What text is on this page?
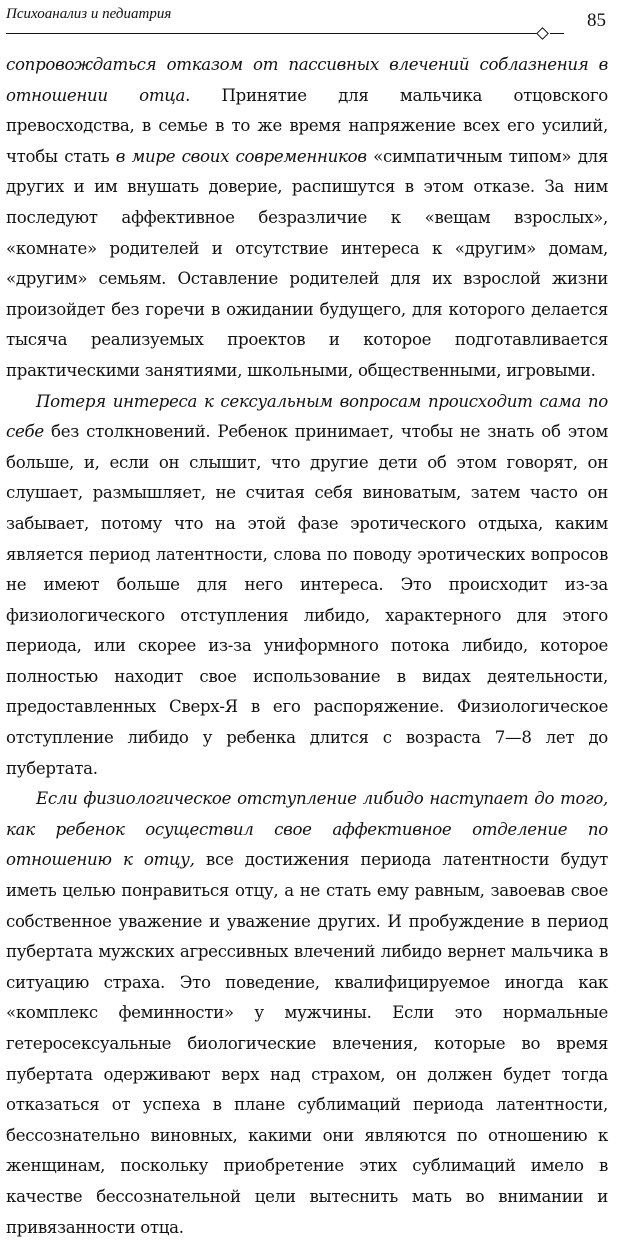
Психоанализ и педиатрия	85

сопровождаться отказом от пассивных влечений соблазнения в отношении отца. Принятие для мальчика отцовского превосходства, в семье в то же время напряжение всех его усилий, чтобы стать в мире своих современников «симпатичным типом» для других и им внушать доверие, распишутся в этом отказе. За ним последуют аффективное безразличие к «вещам взрослых», «комнате» родителей и отсутствие интереса к «другим» домам, «другим» семьям. Оставление родителей для их взрослой жизни произойдет без горечи в ожидании будущего, для которого делается тысяча реализуемых проектов и которое подготавливается практическими занятиями, школьными, общественными, игровыми.

Потеря интереса к сексуальным вопросам происходит сама по себе без столкновений. Ребенок принимает, чтобы не знать об этом больше, и, если он слышит, что другие дети об этом говорят, он слушает, размышляет, не считая себя виноватым, затем часто он забывает, потому что на этой фазе эротического отдыха, каким является период латентности, слова по поводу эротических вопросов не имеют больше для него интереса. Это происходит из-за физиологического отступления либидо, характерного для этого периода, или скорее из-за униформного потока либидо, которое полностью находит свое использование в видах деятельности, предоставленных Сверх-Я в его распоряжение. Физиологическое отступление либидо у ребенка длится с возраста 7—8 лет до пубертата.

Если физиологическое отступление либидо наступает до того, как ребенок осуществил свое аффективное отделение по отношению к отцу, все достижения периода латентности будут иметь целью понравиться отцу, а не стать ему равным, завоевав свое собственное уважение и уважение других. И пробуждение в период пубертата мужских агрессивных влечений либидо вернет мальчика в ситуацию страха. Это поведение, квалифицируемое иногда как «комплекс феминности» у мужчины. Если это нормальные гетеросексуальные биологические влечения, которые во время пубертата одерживают верх над страхом, он должен будет тогда отказаться от успеха в плане сублимаций периода латентности, бессознательно виновных, какими они являются по отношению к женщинам, поскольку приобретение этих сублимаций имело в качестве бессознательной цели вытеснить мать во внимании и привязанности отца.
